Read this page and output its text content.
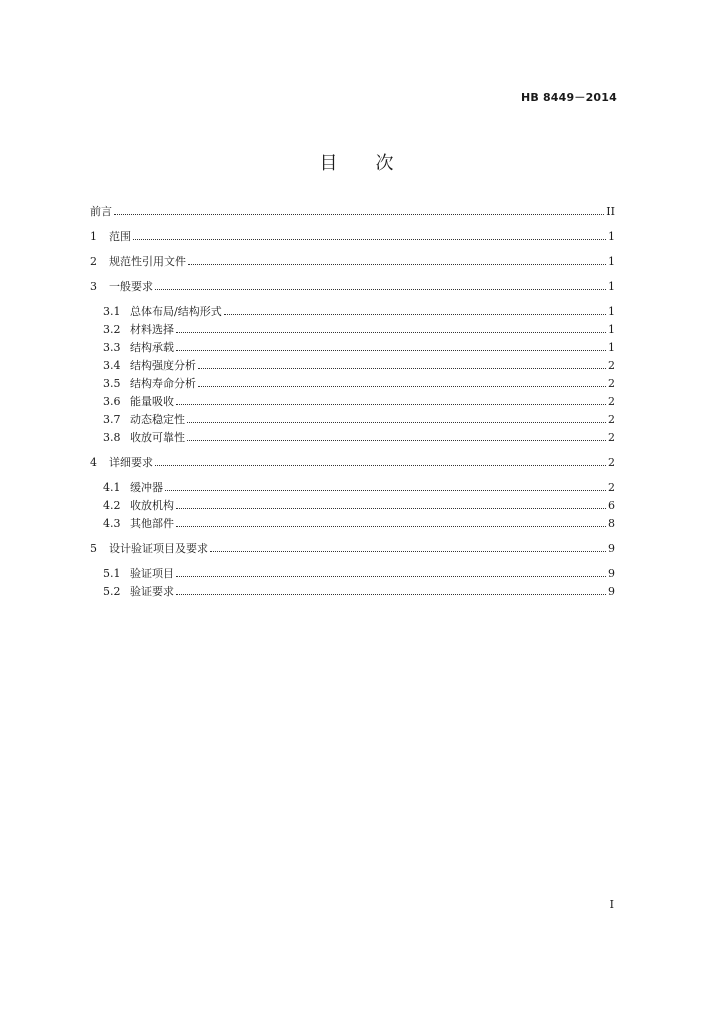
HB 8449－2014
目次
前言	II
1	范围	1
2	规范性引用文件	1
3	一般要求	1
3.1 总体布局/结构形式	1
3.2 材料选择	1
3.3 结构承载	1
3.4 结构强度分析	2
3.5 结构寿命分析	2
3.6 能量吸收	2
3.7 动态稳定性	2
3.8 收放可靠性	2
4	详细要求	2
4.1 缓冲器	2
4.2 收放机构	6
4.3 其他部件	8
5	设计验证项目及要求	9
5.1 验证项目	9
5.2 验证要求	9
I
